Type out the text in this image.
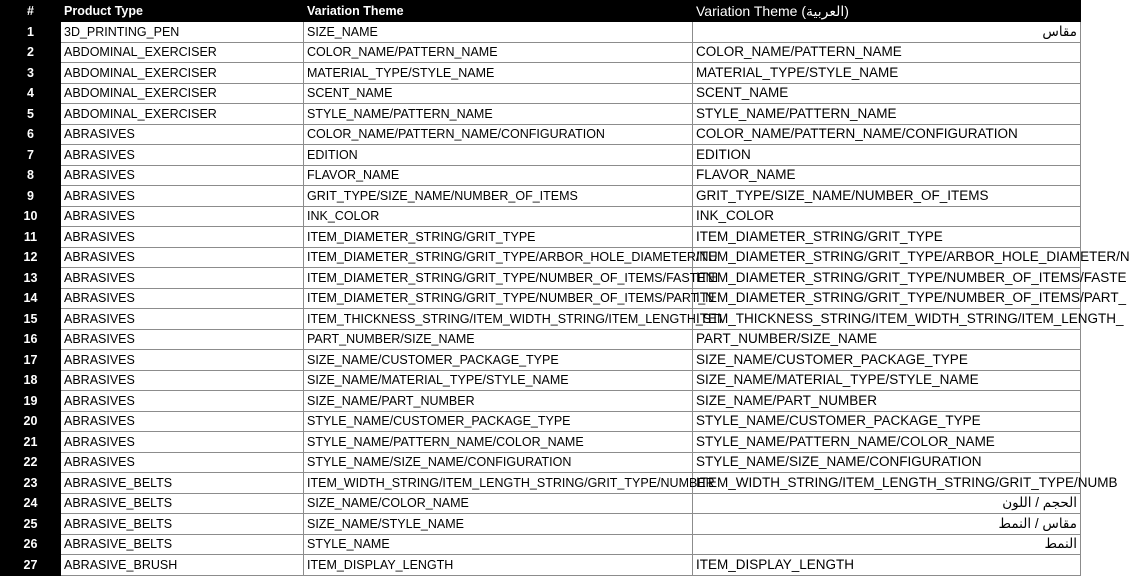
#	Product Type	Variation Theme	Variation Theme (العربية)
1	3D_PRINTING_PEN	SIZE_NAME	مقاس
2	ABDOMINAL_EXERCISER	COLOR_NAME/PATTERN_NAME	COLOR_NAME/PATTERN_NAME
3	ABDOMINAL_EXERCISER	MATERIAL_TYPE/STYLE_NAME	MATERIAL_TYPE/STYLE_NAME
4	ABDOMINAL_EXERCISER	SCENT_NAME	SCENT_NAME
5	ABDOMINAL_EXERCISER	STYLE_NAME/PATTERN_NAME	STYLE_NAME/PATTERN_NAME
6	ABRASIVES	COLOR_NAME/PATTERN_NAME/CONFIGURATION	COLOR_NAME/PATTERN_NAME/CONFIGURATION
7	ABRASIVES	EDITION	EDITION
8	ABRASIVES	FLAVOR_NAME	FLAVOR_NAME
9	ABRASIVES	GRIT_TYPE/SIZE_NAME/NUMBER_OF_ITEMS	GRIT_TYPE/SIZE_NAME/NUMBER_OF_ITEMS
10	ABRASIVES	INK_COLOR	INK_COLOR
11	ABRASIVES	ITEM_DIAMETER_STRING/GRIT_TYPE	ITEM_DIAMETER_STRING/GRIT_TYPE
12	ABRASIVES	ITEM_DIAMETER_STRING/GRIT_TYPE/ARBOR_HOLE_DIAMETER/NU	ITEM_DIAMETER_STRING/GRIT_TYPE/ARBOR_HOLE_DIAMETER/N
13	ABRASIVES	ITEM_DIAMETER_STRING/GRIT_TYPE/NUMBER_OF_ITEMS/FASTENI	ITEM_DIAMETER_STRING/GRIT_TYPE/NUMBER_OF_ITEMS/FASTE
14	ABRASIVES	ITEM_DIAMETER_STRING/GRIT_TYPE/NUMBER_OF_ITEMS/PART_N	ITEM_DIAMETER_STRING/GRIT_TYPE/NUMBER_OF_ITEMS/PART_
15	ABRASIVES	ITEM_THICKNESS_STRING/ITEM_WIDTH_STRING/ITEM_LENGTH_STI	ITEM_THICKNESS_STRING/ITEM_WIDTH_STRING/ITEM_LENGTH_
16	ABRASIVES	PART_NUMBER/SIZE_NAME	PART_NUMBER/SIZE_NAME
17	ABRASIVES	SIZE_NAME/CUSTOMER_PACKAGE_TYPE	SIZE_NAME/CUSTOMER_PACKAGE_TYPE
18	ABRASIVES	SIZE_NAME/MATERIAL_TYPE/STYLE_NAME	SIZE_NAME/MATERIAL_TYPE/STYLE_NAME
19	ABRASIVES	SIZE_NAME/PART_NUMBER	SIZE_NAME/PART_NUMBER
20	ABRASIVES	STYLE_NAME/CUSTOMER_PACKAGE_TYPE	STYLE_NAME/CUSTOMER_PACKAGE_TYPE
21	ABRASIVES	STYLE_NAME/PATTERN_NAME/COLOR_NAME	STYLE_NAME/PATTERN_NAME/COLOR_NAME
22	ABRASIVES	STYLE_NAME/SIZE_NAME/CONFIGURATION	STYLE_NAME/SIZE_NAME/CONFIGURATION
23	ABRASIVE_BELTS	ITEM_WIDTH_STRING/ITEM_LENGTH_STRING/GRIT_TYPE/NUMBER	ITEM_WIDTH_STRING/ITEM_LENGTH_STRING/GRIT_TYPE/NUMB
24	ABRASIVE_BELTS	SIZE_NAME/COLOR_NAME	الحجم / اللون
25	ABRASIVE_BELTS	SIZE_NAME/STYLE_NAME	مقاس / النمط
26	ABRASIVE_BELTS	STYLE_NAME	النمط
27	ABRASIVE_BRUSH	ITEM_DISPLAY_LENGTH	ITEM_DISPLAY_LENGTH
